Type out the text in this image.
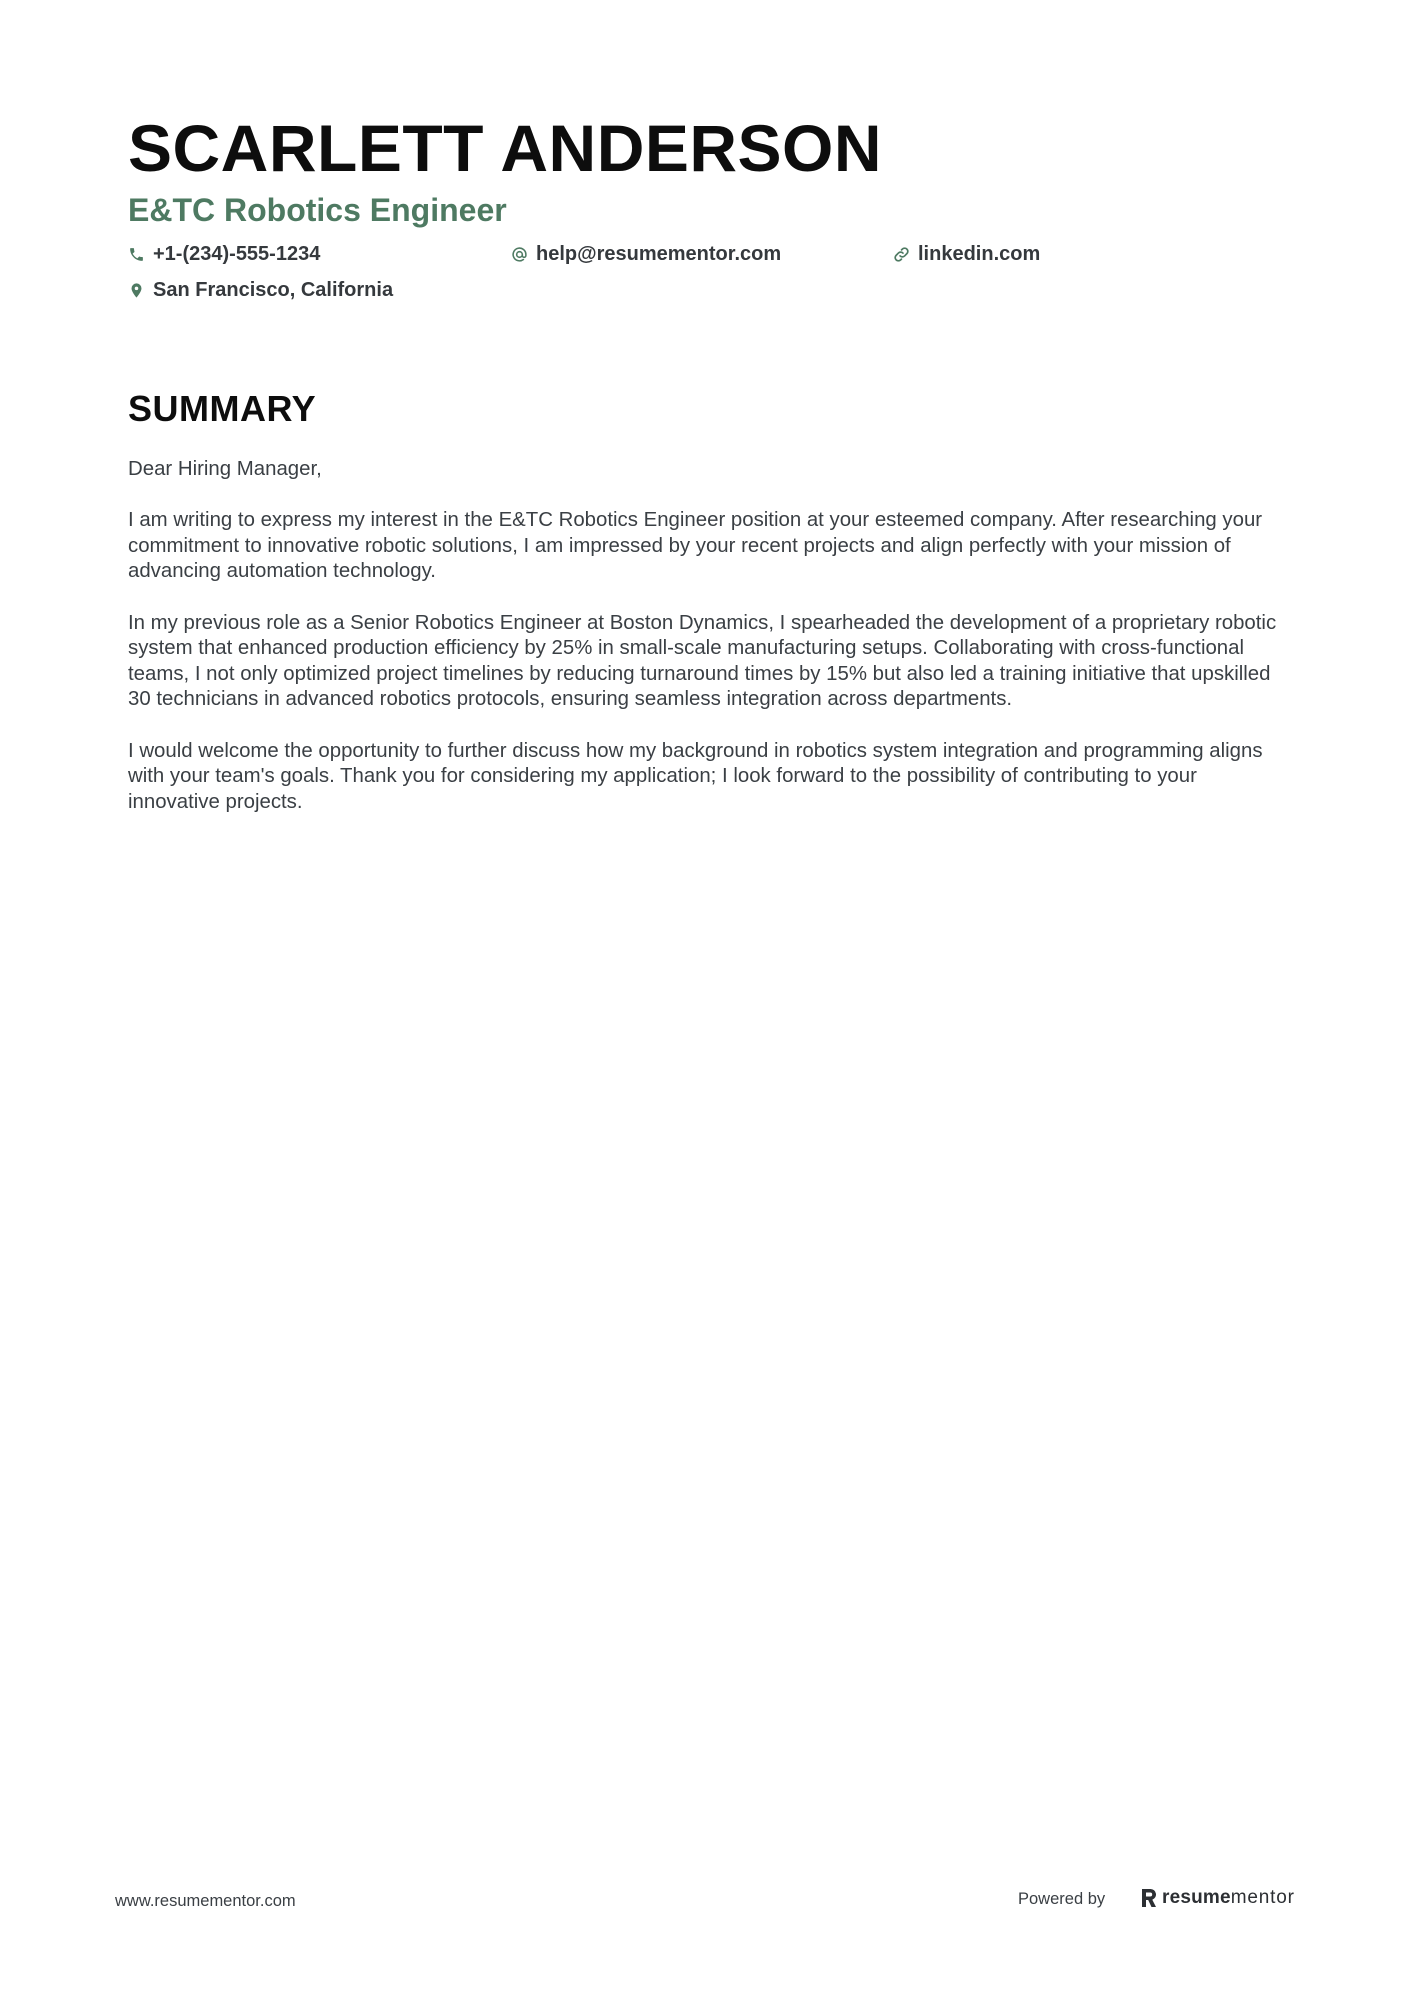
SCARLETT ANDERSON
E&TC Robotics Engineer
+1-(234)-555-1234	help@resumementor.com	linkedin.com
San Francisco, California
SUMMARY

Dear Hiring Manager,

I am writing to express my interest in the E&TC Robotics Engineer position at your esteemed company. After researching your commitment to innovative robotic solutions, I am impressed by your recent projects and align perfectly with your mission of advancing automation technology.

In my previous role as a Senior Robotics Engineer at Boston Dynamics, I spearheaded the development of a proprietary robotic system that enhanced production efficiency by 25% in small-scale manufacturing setups. Collaborating with cross-functional teams, I not only optimized project timelines by reducing turnaround times by 15% but also led a training initiative that upskilled 30 technicians in advanced robotics protocols, ensuring seamless integration across departments.

I would welcome the opportunity to further discuss how my background in robotics system integration and programming aligns with your team's goals. Thank you for considering my application; I look forward to the possibility of contributing to your innovative projects.

www.resumementor.com	Powered by	resume mentor
